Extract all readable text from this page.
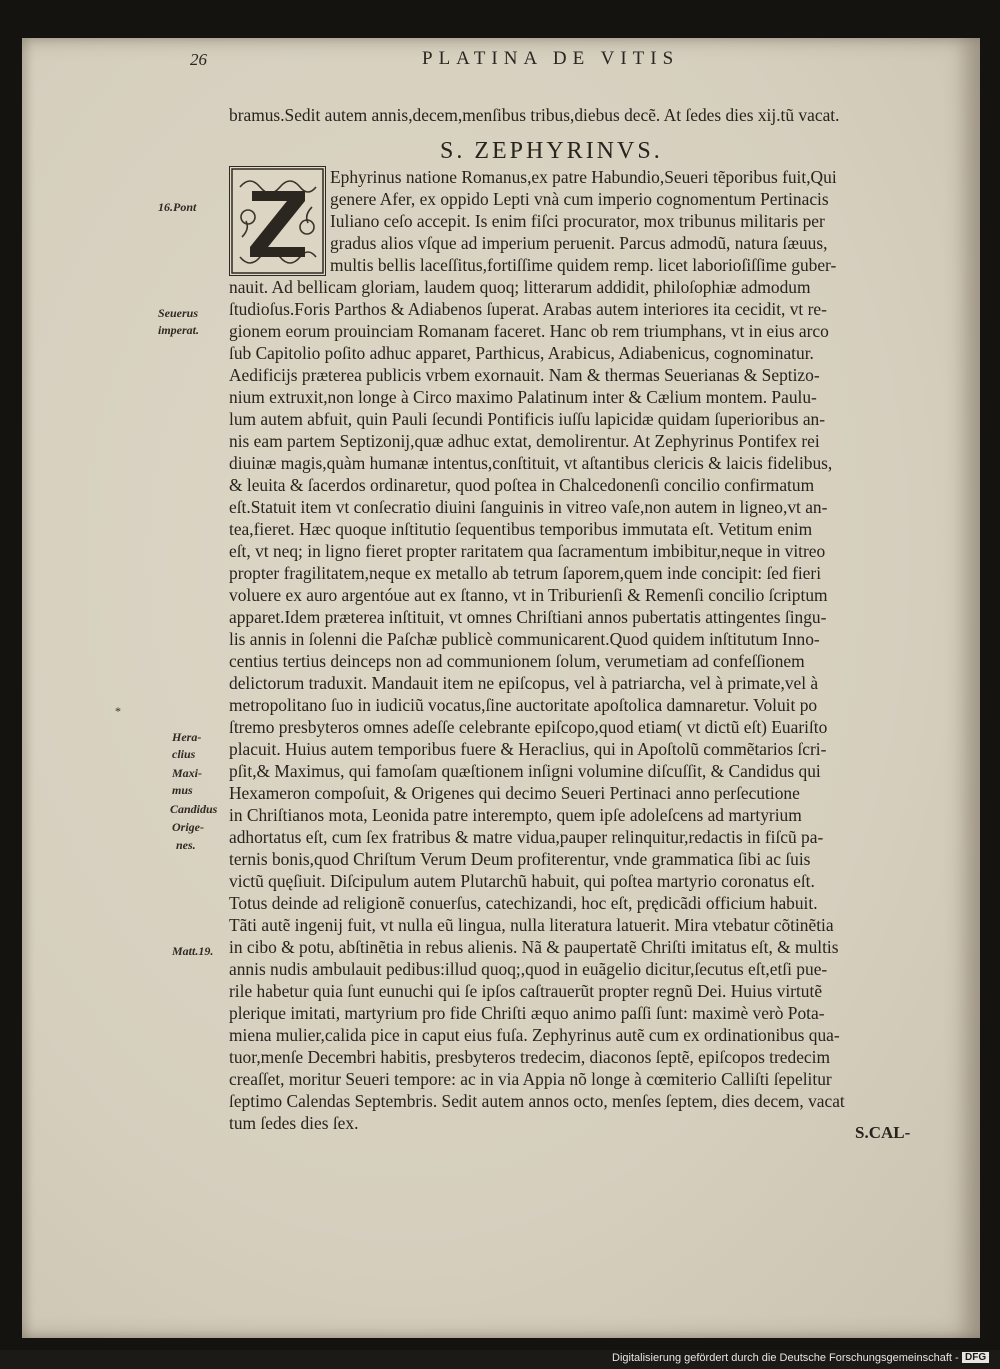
26	PLATINA DE VITIS
bramus.Sedit autem annis,decem,menſibus tribus,diebus decẽ. At ſedes dies xij.tũ vacat.
S. ZEPHYRINVS.
Ephyrinus natione Romanus,ex patre Habundio,Seueri tẽporibus fuit,Qui
genere Afer, ex oppido Lepti vnà cum imperio cognomentum Pertinacis
Iuliano ceſo accepit. Is enim fiſci procurator, mox tribunus militaris per
gradus alios vſque ad imperium peruenit. Parcus admodũ, natura ſæuus,
multis bellis laceſſitus,fortiſſime quidem remp. licet laborioſiſſime guber-
nauit. Ad bellicam gloriam, laudem quoq; litterarum addidit, philoſophiæ admodum
ſtudioſus.Foris Parthos & Adiabenos ſuperat. Arabas autem interiores ita cecidit, vt re-
gionem eorum prouinciam Romanam faceret. Hanc ob rem triumphans, vt in eius arco
ſub Capitolio poſito adhuc apparet, Parthicus, Arabicus, Adiabenicus, cognominatur.
Aedificijs præterea publicis vrbem exornauit. Nam & thermas Seuerianas & Septizo-
nium extruxit,non longe à Circo maximo Palatinum inter & Cælium montem. Paulu-
lum autem abfuit, quin Pauli ſecundi Pontificis iuſſu lapicidæ quidam ſuperioribus an-
nis eam partem Septizonij,quæ adhuc extat, demolirentur. At Zephyrinus Pontifex rei
diuinæ magis,quàm humanæ intentus,conſtituit, vt aſtantibus clericis & laicis fidelibus,
& leuita & ſacerdos ordinaretur, quod poſtea in Chalcedonenſi concilio confirmatum
eſt.Statuit item vt conſecratio diuini ſanguinis in vitreo vaſe,non autem in ligneo,vt an-
tea,fieret. Hæc quoque inſtitutio ſequentibus temporibus immutata eſt. Vetitum enim
eſt, vt neq; in ligno fieret propter raritatem qua ſacramentum imbibitur,neque in vitreo
propter fragilitatem,neque ex metallo ab tetrum ſaporem,quem inde concipit: ſed fieri
voluere ex auro argentóue aut ex ſtanno, vt in Triburienſi & Remenſi concilio ſcriptum
apparet.Idem præterea inſtituit, vt omnes Chriſtiani annos pubertatis attingentes ſingu-
lis annis in ſolenni die Paſchæ publicè communicarent.Quod quidem inſtitutum Inno-
centius tertius deinceps non ad communionem ſolum, verumetiam ad confeſſionem
delictorum traduxit. Mandauit item ne epiſcopus, vel à patriarcha, vel à primate,vel à
metropolitano ſuo in iudiciũ vocatus,ſine auctoritate apoſtolica damnaretur. Voluit po
ſtremo presbyteros omnes adeſſe celebrante epiſcopo,quod etiam( vt dictũ eſt) Euariſto
placuit. Huius autem temporibus fuere & Heraclius, qui in Apoſtolũ commẽtarios ſcri-
pſit,& Maximus, qui famoſam quæſtionem inſigni volumine diſcuſſit, & Candidus qui
Hexameron compoſuit, & Origenes qui decimo Seueri Pertinaci anno perſecutione
in Chriſtianos mota, Leonida patre interempto, quem ipſe adoleſcens ad martyrium
adhortatus eſt, cum ſex fratribus & matre vidua,pauper relinquitur,redactis in fiſcũ pa-
ternis bonis,quod Chriſtum Verum Deum profiterentur, vnde grammatica ſibi ac ſuis
victũ quęſiuit. Diſcipulum autem Plutarchũ habuit, qui poſtea martyrio coronatus eſt.
Totus deinde ad religionẽ conuerſus, catechizandi, hoc eſt, prędicãdi officium habuit.
Tãti autẽ ingenij fuit, vt nulla eũ lingua, nulla literatura latuerit. Mira vtebatur cõtinẽtia
in cibo & potu, abſtinẽtia in rebus alienis. Nã & paupertatẽ Chriſti imitatus eſt, & multis
annis nudis ambulauit pedibus:illud quoq;,quod in euãgelio dicitur,ſecutus eſt,etſi pue-
rile habetur quia ſunt eunuchi qui ſe ipſos caſtrauerũt propter regnũ Dei. Huius virtutẽ
plerique imitati, martyrium pro fide Chriſti æquo animo paſſi ſunt: maximè verò Pota-
miena mulier,calida pice in caput eius fuſa. Zephyrinus autẽ cum ex ordinationibus qua-
tuor,menſe Decembri habitis, presbyteros tredecim, diaconos ſeptẽ, epiſcopos tredecim
creaſſet, moritur Seueri tempore: ac in via Appia nõ longe à cœmiterio Calliſti ſepelitur
ſeptimo Calendas Septembris. Sedit autem annos octo, menſes ſeptem, dies decem, vacat
tum ſedes dies ſex.
16.Pont
Seuerus
imperat.
*
Hera-
clius
Maxi-
mus
Candidus
Orige-
nes.
Matt.19.
S.CAL-
Digitalisierung gefördert durch die Deutsche Forschungsgemeinschaft - DFG
